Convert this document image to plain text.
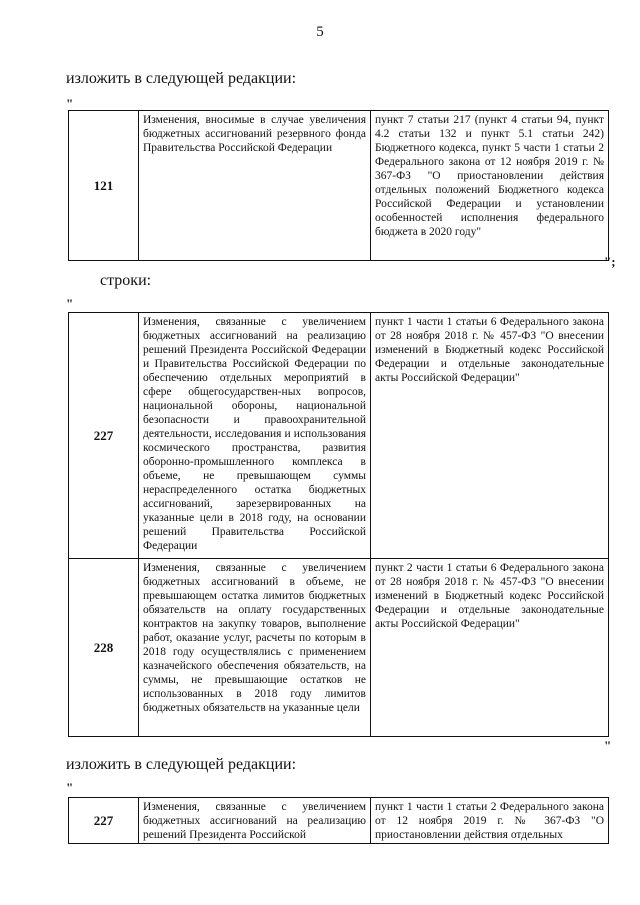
5
изложить в следующей редакции:
"
121	Изменения, вносимые в случае увеличения бюджетных ассигнований резервного фонда Правительства Российской Федерации	пункт 7 статьи 217 (пункт 4 статьи 94, пункт 4.2 статьи 132 и пункт 5.1 статьи 242) Бюджетного кодекса, пункт 5 части 1 статьи 2 Федерального закона от 12 ноября 2019 г. № 367-ФЗ "О приостановлении действия отдельных положений Бюджетного кодекса Российской Федерации и установлении особенностей исполнения федерального бюджета в 2020 году"
";
строки:
"
227	Изменения, связанные с увеличением бюджетных ассигнований на реализацию решений Президента Российской Федерации и Правительства Российской Федерации по обеспечению отдельных мероприятий в сфере общегосударствен-ных вопросов, национальной обороны, национальной безопасности и правоохранительной деятельности, исследования и использования космического пространства, развития оборонно-промышленного комплекса в объеме, не превышающем суммы нераспределенного остатка бюджетных ассигнований, зарезервированных на указанные цели в 2018 году, на основании решений Правительства Российской Федерации	пункт 1 части 1 статьи 6 Федерального закона от 28 ноября 2018 г. № 457-ФЗ "О внесении изменений в Бюджетный кодекс Российской Федерации и отдельные законодательные акты Российской Федерации"
228	Изменения, связанные с увеличением бюджетных ассигнований в объеме, не превышающем остатка лимитов бюджетных обязательств на оплату государственных контрактов на закупку товаров, выполнение работ, оказание услуг, расчеты по которым в 2018 году осуществлялись с применением казначейского обеспечения обязательств, на суммы, не превышающие остатков не использованных в 2018 году лимитов бюджетных обязательств на указанные цели	пункт 2 части 1 статьи 6 Федерального закона от 28 ноября 2018 г. № 457-ФЗ "О внесении изменений в Бюджетный кодекс Российской Федерации и отдельные законодательные акты Российской Федерации"
"
изложить в следующей редакции:
"
227	Изменения, связанные с увеличением бюджетных ассигнований на реализацию решений Президента Российской	пункт 1 части 1 статьи 2 Федерального закона от 12 ноября 2019 г. № 367-ФЗ "О приостановлении действия отдельных
